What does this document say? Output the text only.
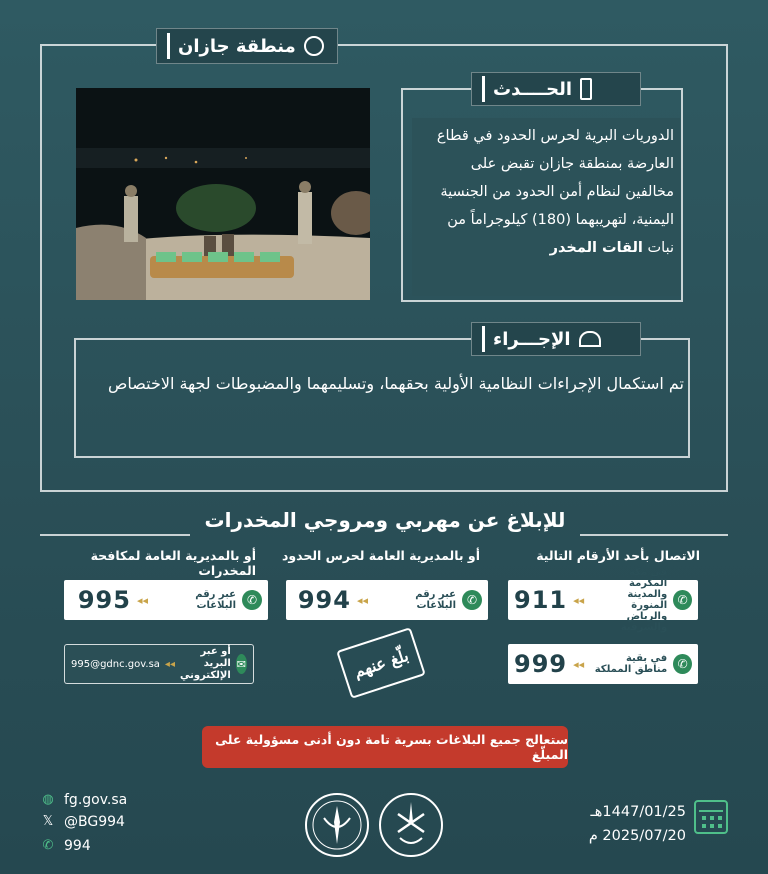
منطقة جازان
الحــــدث
الدوريات البرية لحرس الحدود في قطاع العارضة بمنطقة جازان تقبض على مخالفين لنظام أمن الحدود من الجنسية اليمنية، لتهريبهما (180) كيلوجراماً من نبات القات المخدر
الإجـــراء
تم استكمال الإجراءات النظامية الأولية بحقهما، وتسليمهما والمضبوطات لجهة الاختصاص
للإبلاغ عن مهربي ومروجي المخدرات
الاتصال بأحد الأرقام التالية
أو بالمديرية العامة لحرس الحدود
أو بالمديرية العامة لمكافحة المخدرات
✆
في مكة المكرمة والمدينة المنورة والرياض والشرقية
◂◂
911
✆
في بقية مناطق المملكة
◂◂
999
✆
عبر رقم البلاغات
◂◂
994
✆
عبر رقم البلاغات
◂◂
995
✉
أو عبر البريد الإلكتروني
◂◂
995@gdnc.gov.sa	بلّغ عنهم
ستعالج جميع البلاغات بسرية تامة دون أدنى مسؤولية على المبلّغ
◍ fg.gov.sa
𝕏 @BG994
✆ 994
1447/01/25هـ
2025/07/20 م
